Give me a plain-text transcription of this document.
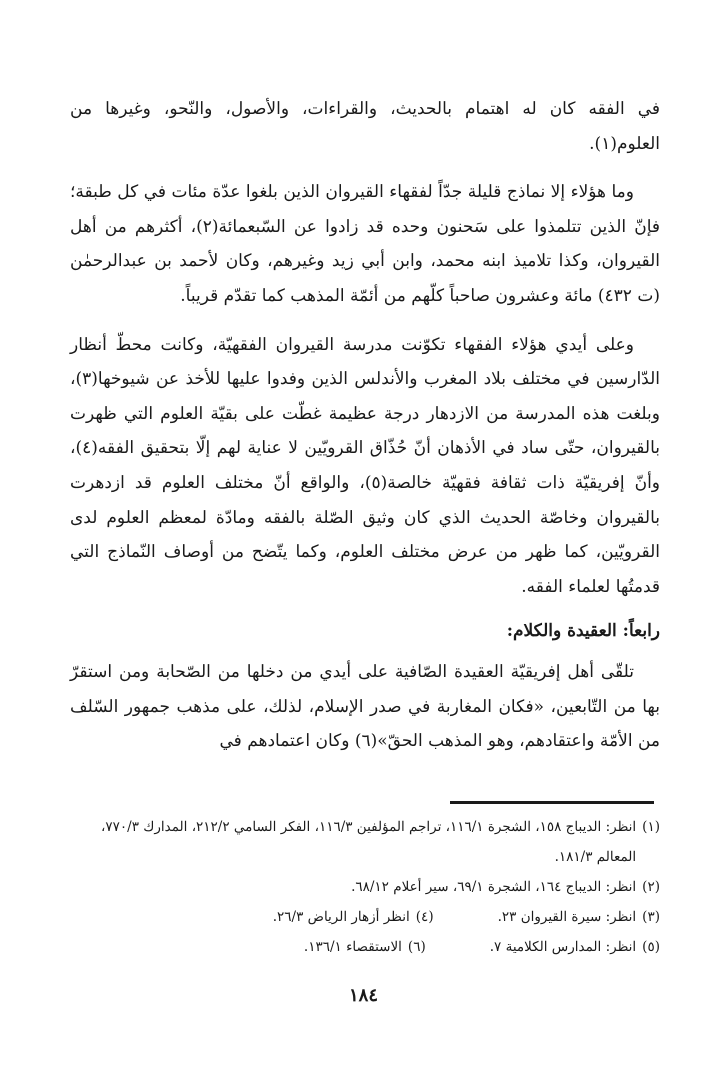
في الفقه كان له اهتمام بالحديث، والقراءات، والأصول، والنّحو، وغيرها من العلوم(١).

وما هؤلاء إلا نماذج قليلة جدّاً لفقهاء القيروان الذين بلغوا عدّة مئات في كل طبقة؛ فإنّ الذين تتلمذوا على سَحنون وحده قد زادوا عن السّبعمائة(٢)، أكثرهم من أهل القيروان، وكذا تلاميذ ابنه محمد، وابن أبي زيد وغيرهم، وكان لأحمد بن عبدالرحمٰن (ت ٤٣٢) مائة وعشرون صاحباً كلّهم من أئمّة المذهب كما تقدّم قريباً.

وعلى أيدي هؤلاء الفقهاء تكوّنت مدرسة القيروان الفقهيّة، وكانت محطّ أنظار الدّارسين في مختلف بلاد المغرب والأندلس الذين وفدوا عليها للأخذ عن شيوخها(٣)، وبلغت هذه المدرسة من الازدهار درجة عظيمة غطّت على بقيّة العلوم التي ظهرت بالقيروان، حتّى ساد في الأذهان أنّ حُذّاق القرويّين لا عناية لهم إلّا بتحقيق الفقه(٤)، وأنّ إفريقيّة ذات ثقافة فقهيّة خالصة(٥)، والواقع أنّ مختلف العلوم قد ازدهرت بالقيروان وخاصّة الحديث الذي كان وثيق الصّلة بالفقه ومادّة لمعظم العلوم لدى القرويّين، كما ظهر من عرض مختلف العلوم، وكما يتّضح من أوصاف النّماذج التي قدمتُها لعلماء الفقه.

رابعاً: العقيدة والكلام:

تلقّى أهل إفريقيّة العقيدة الصّافية على أيدي من دخلها من الصّحابة ومن استقرّ بها من التّابعين، «فكان المغاربة في صدر الإسلام، لذلك، على مذهب جمهور السّلف من الأمّة واعتقادهم، وهو المذهب الحقّ»(٦) وكان اعتمادهم في

(١)
انظر: الديباج ١٥٨، الشجرة ١١٦/١، تراجم المؤلفين ١١٦/٣، الفكر السامي ٢١٢/٢، المدارك ٧٧٠/٣، المعالم ١٨١/٣.
(٢)
انظر: الديباج ١٦٤، الشجرة ٦٩/١، سير أعلام ٦٨/١٢.
(٣)
انظر: سيرة القيروان ٢٣.
(٤)
انظر أزهار الرياض ٢٦/٣.
(٥)
انظر: المدارس الكلامية ٧.
(٦)
الاستقصاء ١٣٦/١.
١٨٤
